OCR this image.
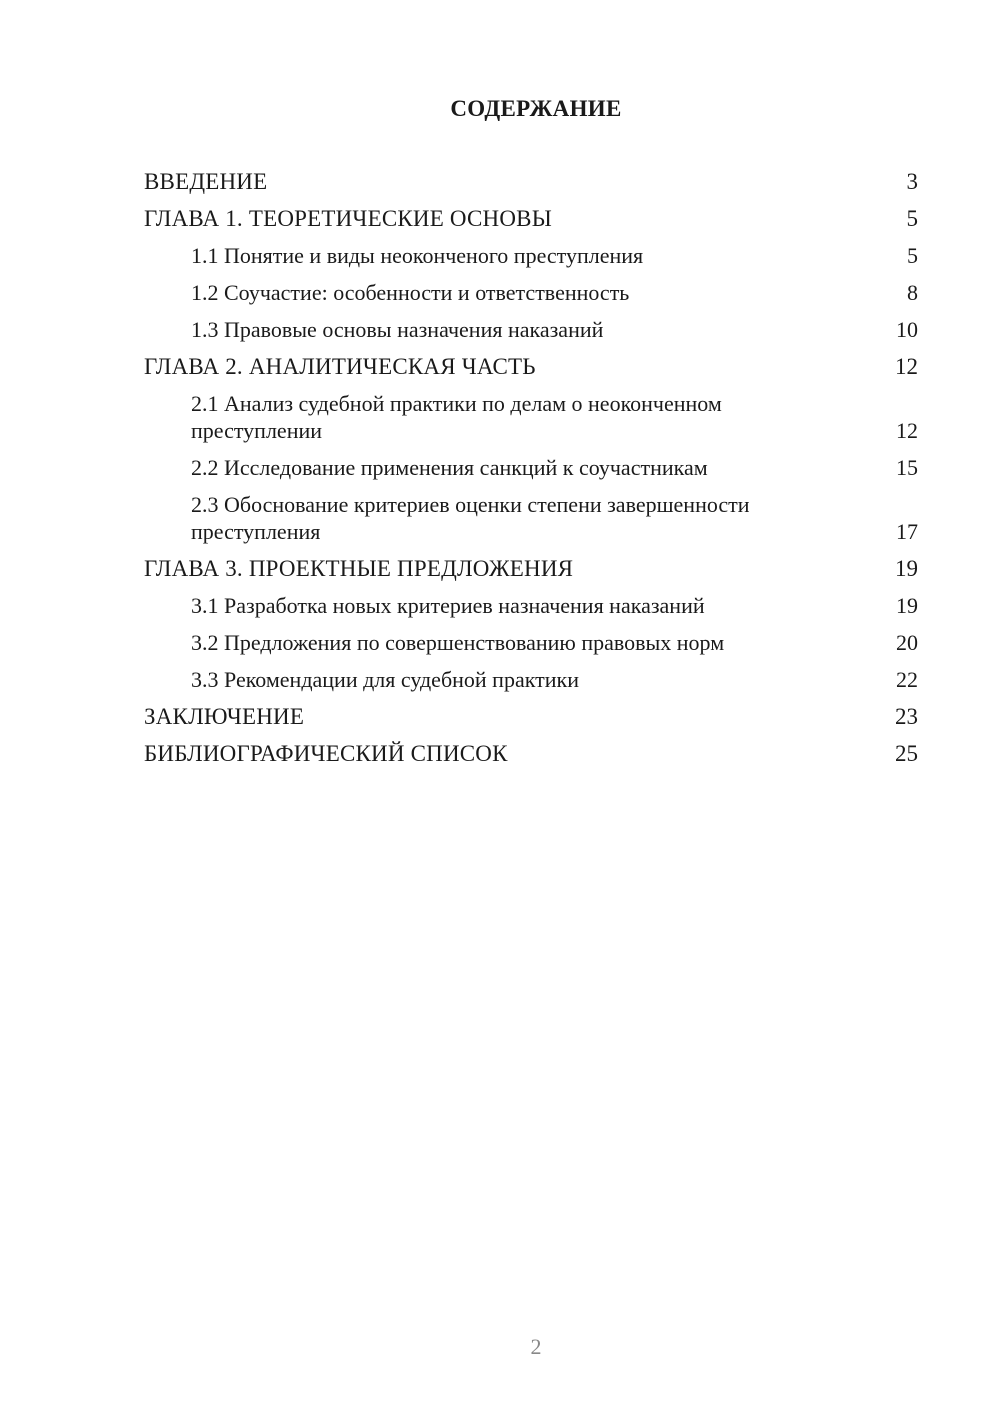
СОДЕРЖАНИЕ
ВВЕДЕНИЕ	3
ГЛАВА 1. ТЕОРЕТИЧЕСКИЕ ОСНОВЫ	5
1.1 Понятие и виды неоконченого преступления	5
1.2 Соучастие: особенности и ответственность	8
1.3 Правовые основы назначения наказаний	10
ГЛАВА 2. АНАЛИТИЧЕСКАЯ ЧАСТЬ	12
2.1 Анализ судебной практики по делам о неоконченном преступлении	12
2.2 Исследование применения санкций к соучастникам	15
2.3 Обоснование критериев оценки степени завершенности преступления	17
ГЛАВА 3. ПРОЕКТНЫЕ ПРЕДЛОЖЕНИЯ	19
3.1 Разработка новых критериев назначения наказаний	19
3.2 Предложения по совершенствованию правовых норм	20
3.3 Рекомендации для судебной практики	22
ЗАКЛЮЧЕНИЕ	23
БИБЛИОГРАФИЧЕСКИЙ СПИСОК	25
2
